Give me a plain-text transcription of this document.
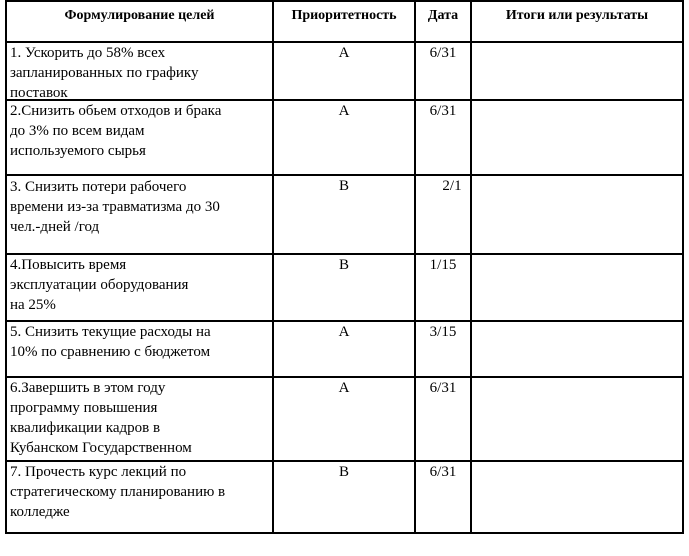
Формулирование целей	Приоритетность	Дата	Итоги или результаты

1. Ускорить до 58% всех
запланированных по графику
поставок	А	6/31	

2.Снизить обьем отходов и брака
до 3% по всем видам
используемого сырья	А	6/31	

3. Снизить потери рабочего
времени из-за травматизма до 30
чел.-дней /год	В	2/1	

4.Повысить время
эксплуатации оборудования
на 25%	В	1/15	

5. Снизить текущие расходы на
10% по сравнению с бюджетом	А	3/15	

6.Завершить в этом году
программу повышения
квалификации кадров в
Кубанском Государственном	А	6/31	

7. Прочесть курс лекций по
стратегическому планированию в
колледже	В	6/31	
